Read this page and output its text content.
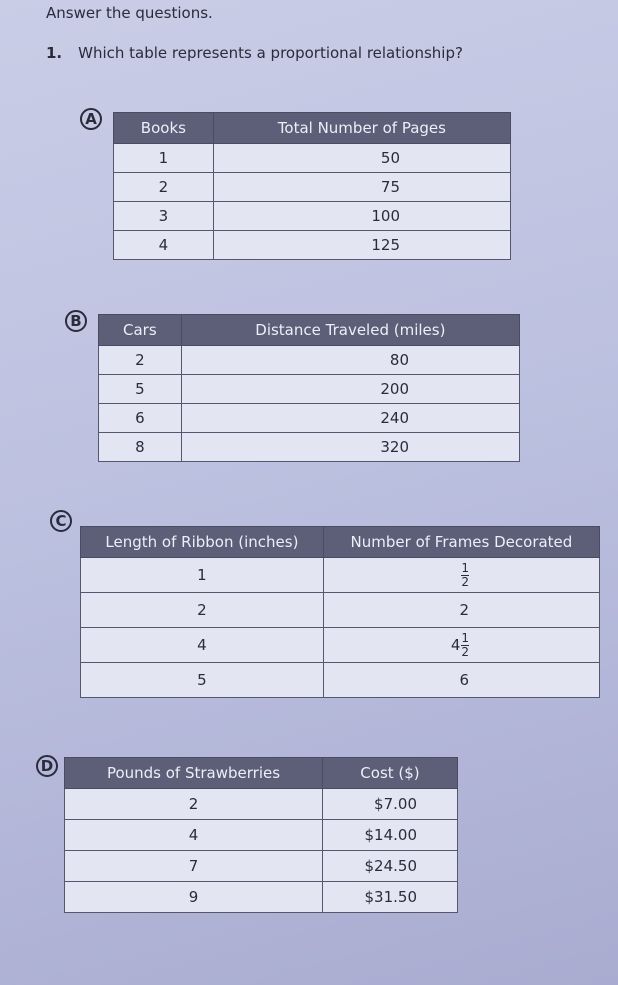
Answer the questions.
1. Which table represents a proportional relationship?
A	Books	Total Number of Pages
1	50
2	75
3	100
4	125
B	Cars	Distance Traveled (miles)
2	80
5	200
6	240
8	320
C
Length of Ribbon (inches)	Number of Frames Decorated
1	$\frac{1}{2}$

2	2
4	$4 \frac{1}{2}$

5	6
D	Pounds of Strawberries	Cost ($)
2	$7.00
4	$14.00
7	$24.50
9	$31.50
